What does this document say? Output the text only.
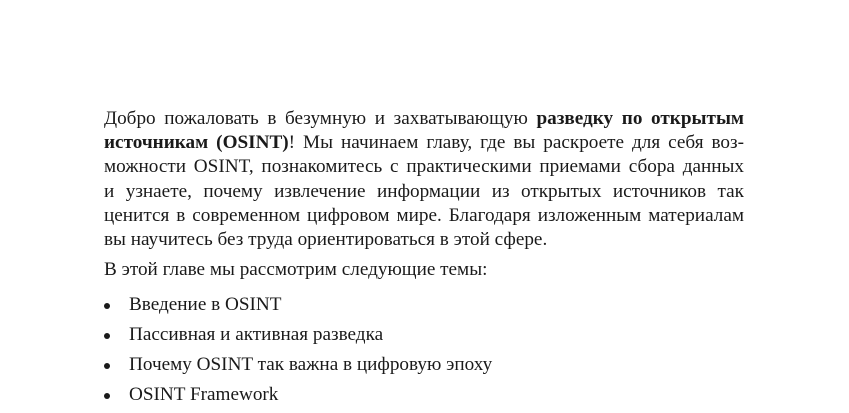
Добро пожаловать в безумную и захватывающую разведку по открытым
источникам (OSINT)! Мы начинаем главу, где вы раскроете для себя воз-
можности OSINT, познакомитесь с практическими приемами сбора данных
и узнаете, почему извлечение информации из открытых источников так
ценится в современном цифровом мире. Благодаря изложенным материалам
вы научитесь без труда ориентироваться в этой сфере.

В этой главе мы рассмотрим следующие темы:

Введение в OSINT
Пассивная и активная разведка
Почему OSINT так важна в цифровую эпоху
OSINT Framework
